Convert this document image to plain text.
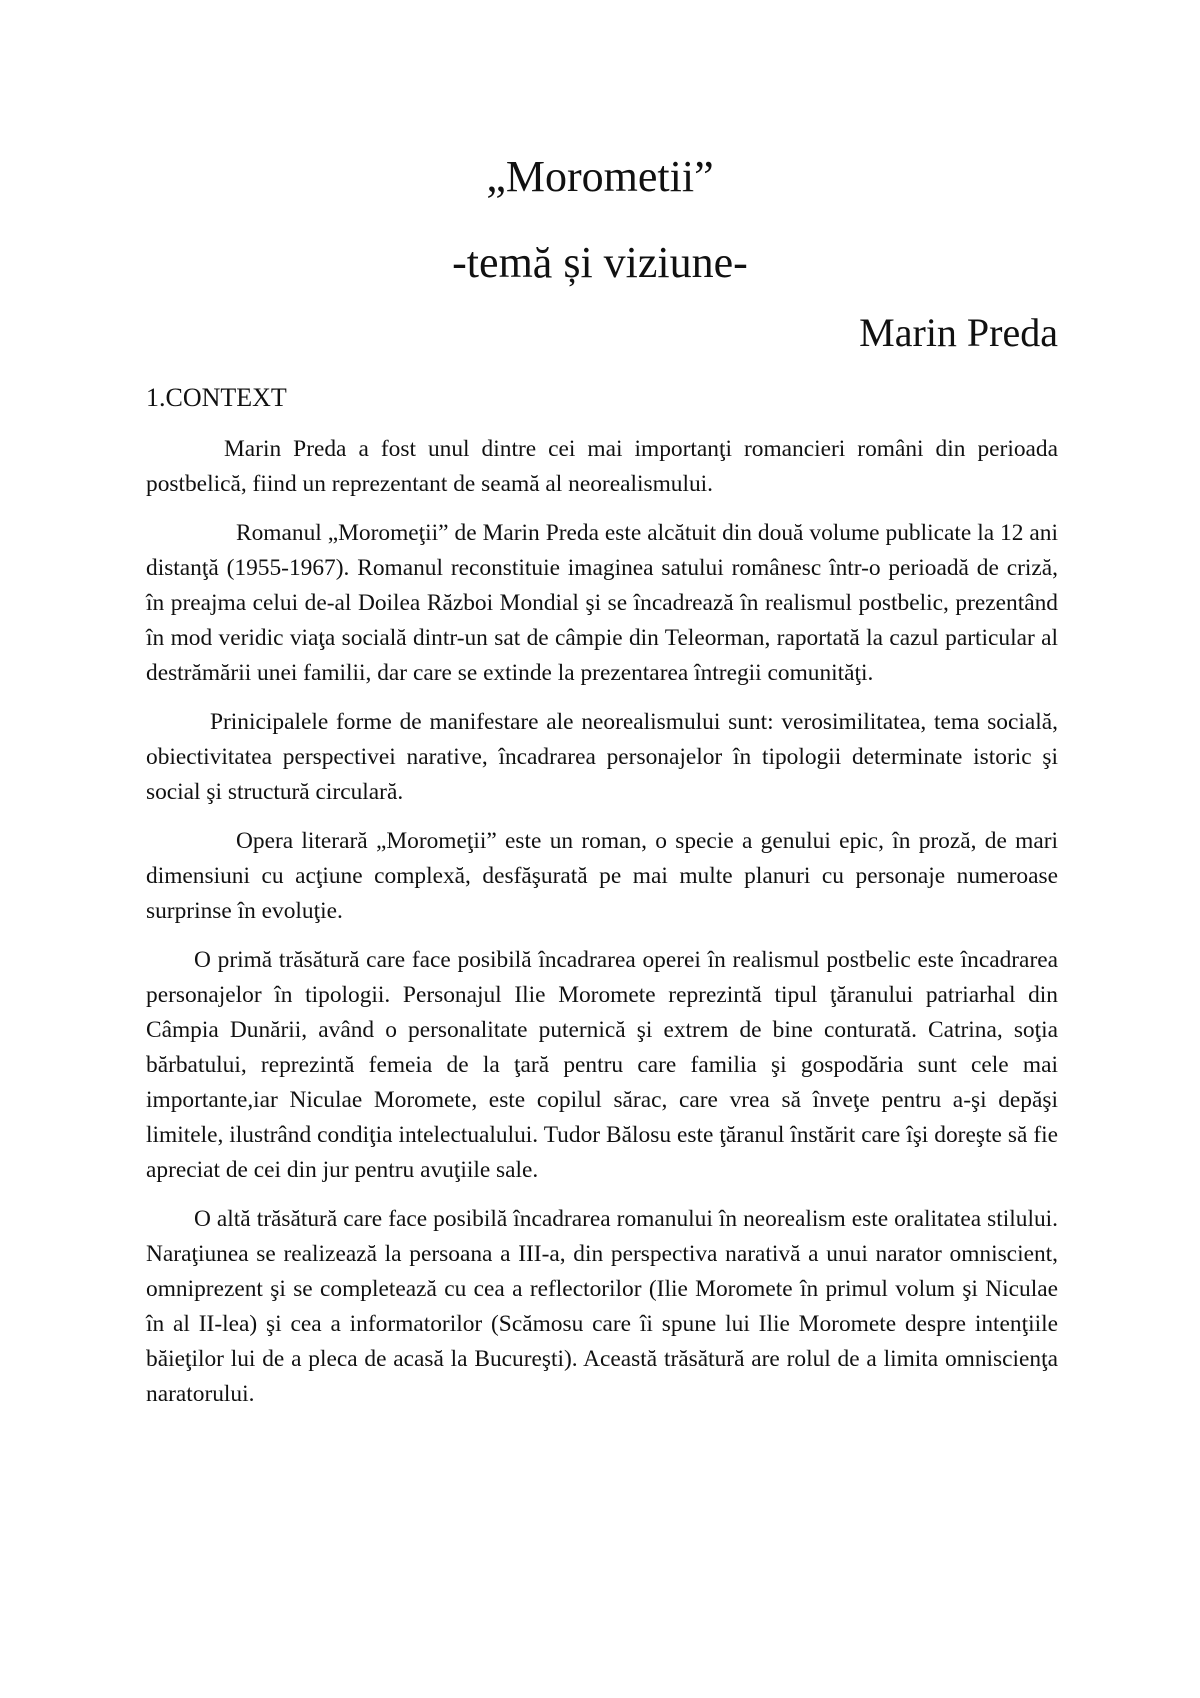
„Morometii”
-temă și viziune-
Marin Preda
1.CONTEXT

Marin Preda a fost unul dintre cei mai importanţi romancieri români din perioada postbelică, fiind un reprezentant de seamă al neorealismului.

Romanul „Moromeţii” de Marin Preda este alcătuit din două volume publicate la 12 ani distanţă (1955-1967). Romanul reconstituie imaginea satului românesc într-o perioadă de criză, în preajma celui de-al Doilea Război Mondial şi se încadrează în realismul postbelic, prezentând în mod veridic viaţa socială dintr-un sat de câmpie din Teleorman, raportată la cazul particular al destrămării unei familii, dar care se extinde la prezentarea întregii comunităţi.

Prinicipalele forme de manifestare ale neorealismului sunt: verosimilitatea, tema socială, obiectivitatea perspectivei narative, încadrarea personajelor în tipologii determinate istoric şi social şi structură circulară.

Opera literară „Moromeţii” este un roman, o specie a genului epic, în proză, de mari dimensiuni cu acţiune complexă, desfăşurată pe mai multe planuri cu personaje numeroase surprinse în evoluţie.

O primă trăsătură care face posibilă încadrarea operei în realismul postbelic este încadrarea personajelor în tipologii. Personajul Ilie Moromete reprezintă tipul ţăranului patriarhal din Câmpia Dunării, având o personalitate puternică şi extrem de bine conturată. Catrina, soţia bărbatului, reprezintă femeia de la ţară pentru care familia şi gospodăria sunt cele mai importante,iar Niculae Moromete, este copilul sărac, care vrea să înveţe pentru a-şi depăşi limitele, ilustrând condiţia intelectualului. Tudor Bălosu este ţăranul înstărit care îşi doreşte să fie apreciat de cei din jur pentru avuţiile sale.

O altă trăsătură care face posibilă încadrarea romanului în neorealism este oralitatea stilului. Naraţiunea se realizează la persoana a III-a, din perspectiva narativă a unui narator omniscient, omniprezent şi se completează cu cea a reflectorilor (Ilie Moromete în primul volum şi Niculae în al II-lea) şi cea a informatorilor (Scămosu care îi spune lui Ilie Moromete despre intenţiile băieţilor lui de a pleca de acasă la Bucureşti). Această trăsătură are rolul de a limita omniscienţa naratorului.
